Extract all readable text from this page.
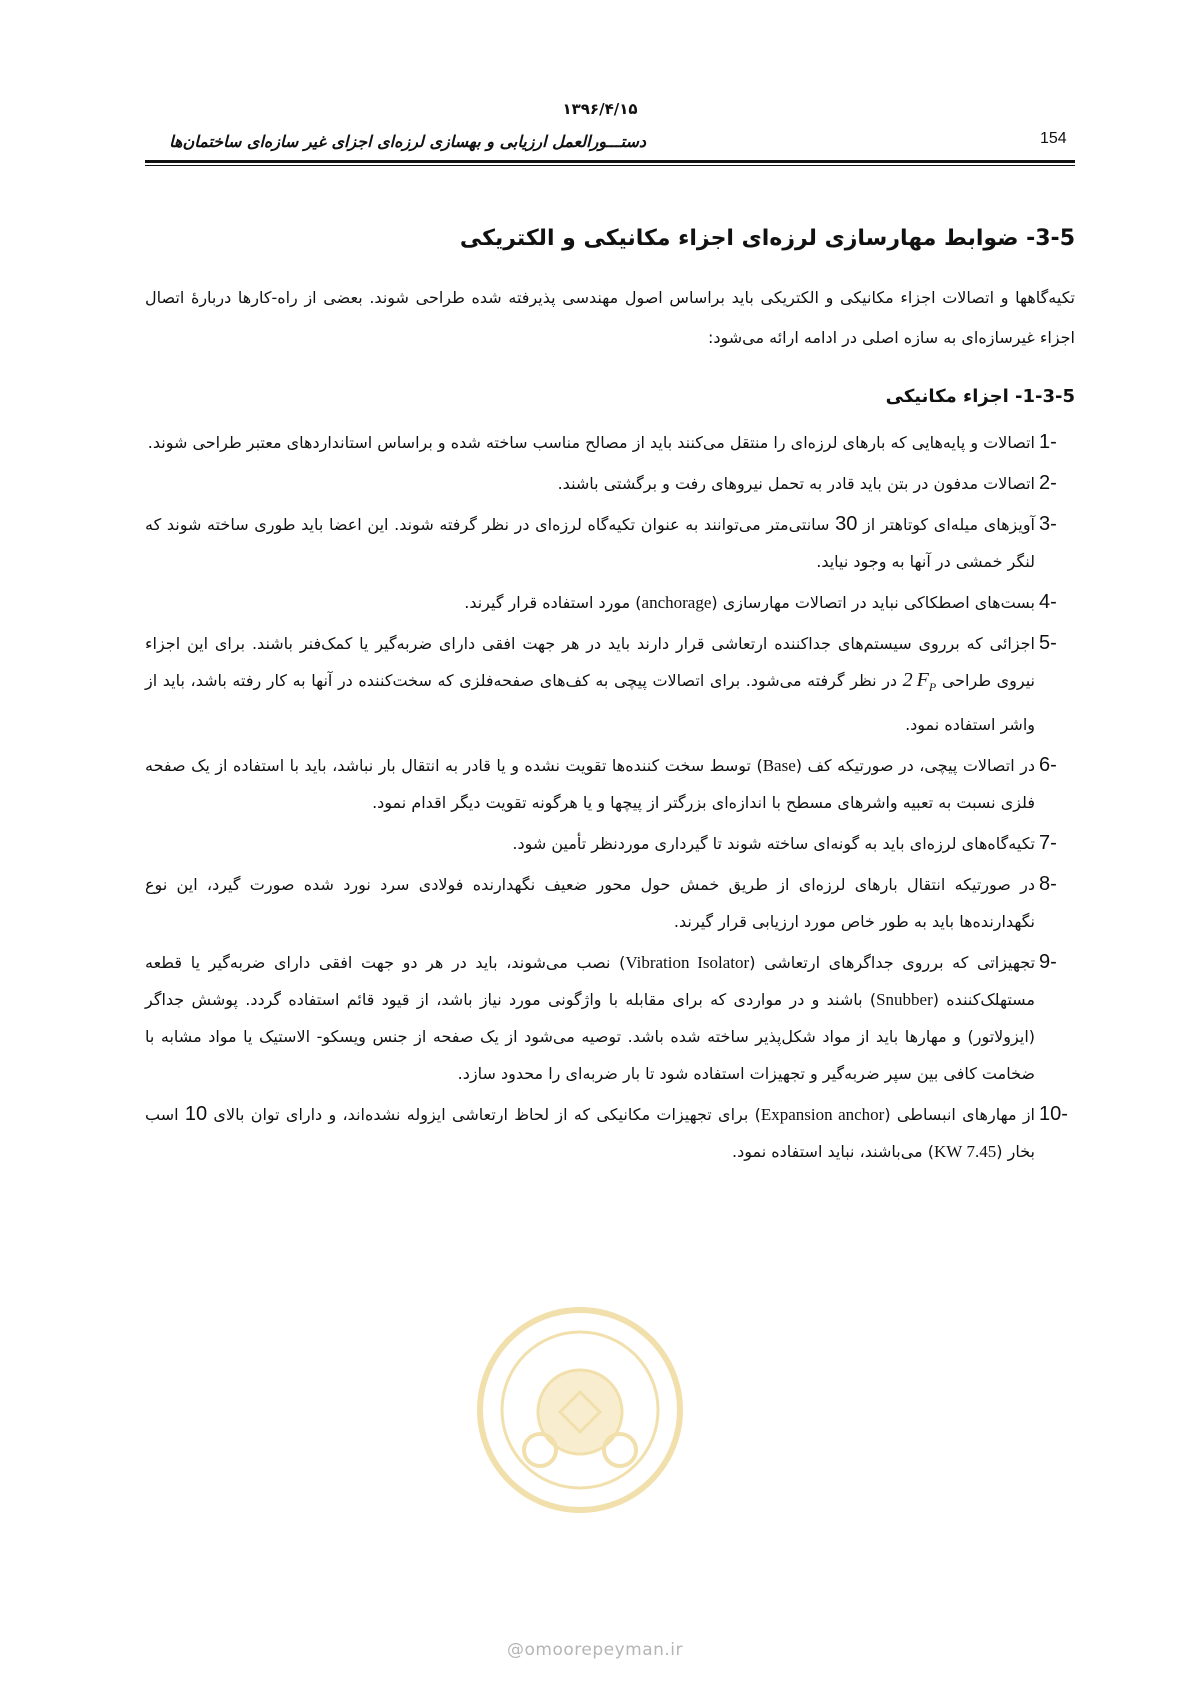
۱۳۹۶/۴/۱۵
دستـــورالعمل ارزیابی و بهسازی لرزه‌ای اجزای غیر سازه‌ای ساختمان‌ها	154
3-5- ضوابط مهارسازی لرزه‌ای اجزاء مکانیکی و الکتریکی

تکیه‌گاهها و اتصالات اجزاء مکانیکی و الکتریکی باید براساس اصول مهندسی پذیرفته شده طراحی شوند. بعضی از راه-کارها دربارۀ اتصال اجزاء غیرسازه‌ای به سازه اصلی در ادامه ارائه می‌شود:

1-3-5- اجزاء مکانیکی
1-
اتصالات و پایه‌هایی که بارهای لرزه‌ای را منتقل می‌کنند باید از مصالح مناسب ساخته شده و براساس استانداردهای معتبر طراحی شوند.
2-
اتصالات مدفون در بتن باید قادر به تحمل نیروهای رفت و برگشتی باشند.
3-
آویزهای میله‌ای کوتاهتر از 30 سانتی‌متر می‌توانند به عنوان تکیه‌گاه لرزه‌ای در نظر گرفته شوند. این اعضا باید طوری ساخته شوند که لنگر خمشی در آنها به وجود نیاید.
4-
بست‌های اصطکاکی نباید در اتصالات مهارسازی (anchorage) مورد استفاده قرار گیرند.
5-
اجزائی که برروی سیستم‌های جداکننده ارتعاشی قرار دارند باید در هر جهت افقی دارای ضربه‌گیر یا کمک‌فنر باشند. برای این اجزاء نیروی طراحی 2  $F_P$ در نظر گرفته می‌شود. برای اتصالات پیچی به کف‌های صفحه‌فلزی که سخت‌کننده در آنها به کار رفته باشد، باید از واشر استفاده نمود.
6-
در اتصالات پیچی، در صورتیکه کف (Base) توسط سخت کننده‌ها تقویت نشده و یا قادر به انتقال بار نباشد، باید با استفاده از یک صفحه فلزی نسبت به تعبیه واشرهای مسطح با اندازه‌ای بزرگتر از پیچها و یا هرگونه تقویت دیگر اقدام نمود.
7-
تکیه‌گاه‌های لرزه‌ای باید به گونه‌ای ساخته شوند تا گیرداری موردنظر تأمین شود.
8-
در صورتیکه انتقال بارهای لرزه‌ای از طریق خمش حول محور ضعیف نگهدارنده فولادی سرد نورد شده صورت گیرد، این نوع نگهدارنده‌ها باید به طور خاص مورد ارزیابی قرار گیرند.
9-
تجهیزاتی که برروی جداگرهای ارتعاشی (Vibration Isolator) نصب می‌شوند، باید در هر دو جهت افقی دارای ضربه‌گیر یا قطعه مستهلک‌کننده (Snubber) باشند و در مواردی که برای مقابله با واژگونی مورد نیاز باشد، از قیود قائم استفاده گردد. پوشش جداگر (ایزولاتور) و مهارها باید از مواد شکل‌پذیر ساخته شده باشد. توصیه می‌شود از یک صفحه از جنس ویسکو- الاستیک یا مواد مشابه با ضخامت کافی بین سپر ضربه‌گیر و تجهیزات استفاده شود تا بار ضربه‌ای را محدود سازد.
10-
از مهارهای انبساطی (Expansion anchor) برای تجهیزات مکانیکی که از لحاظ ارتعاشی ایزوله نشده‌اند، و دارای توان بالای 10 اسب بخار (7.45 KW) می‌باشند، نباید استفاده نمود.
@omoorepeyman.ir
